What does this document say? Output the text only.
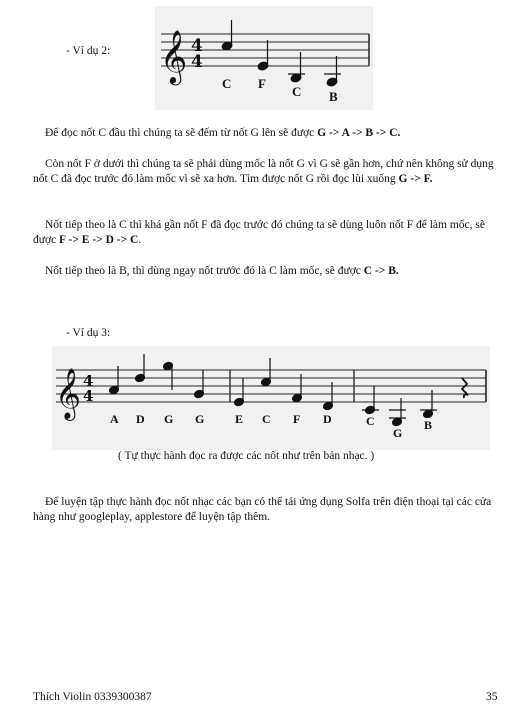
- Ví dụ 2: 𝄞 4
4
C F
C B
Để đọc nốt C đầu thì chúng ta sẽ đếm từ nốt G lên sẽ được G -> A -> B -> C.
Còn nốt F ở dưới thì chúng ta sẽ phải dùng mốc là nốt G vì G sẽ gần hơn, chứ nên không sử dụng nốt C đã đọc trước đó làm mốc vì sẽ xa hơn. Tìm được nốt G rồi đọc lùi xuống G -> F.
Nốt tiếp theo là C thì khá gần nốt F đã đọc trước đó chúng ta sẽ dùng luôn nốt F để làm mốc, sẽ được F -> E -> D -> C.
Nốt tiếp theo là B, thì dùng ngay nốt trước đó là C làm mốc, sẽ được C -> B.
- Ví dụ 3:
𝄞 4
4
A D G G	E C F D	C
G
B
( Tự thực hành đọc ra được các nốt như trên bản nhạc. )
Để luyện tập thực hành đọc nốt nhạc các bạn có thể tải ứng dụng Solfa trên điện thoại tại các cửa hàng như googleplay, applestore để luyện tập thêm.
Thích Violin 0339300387	35
